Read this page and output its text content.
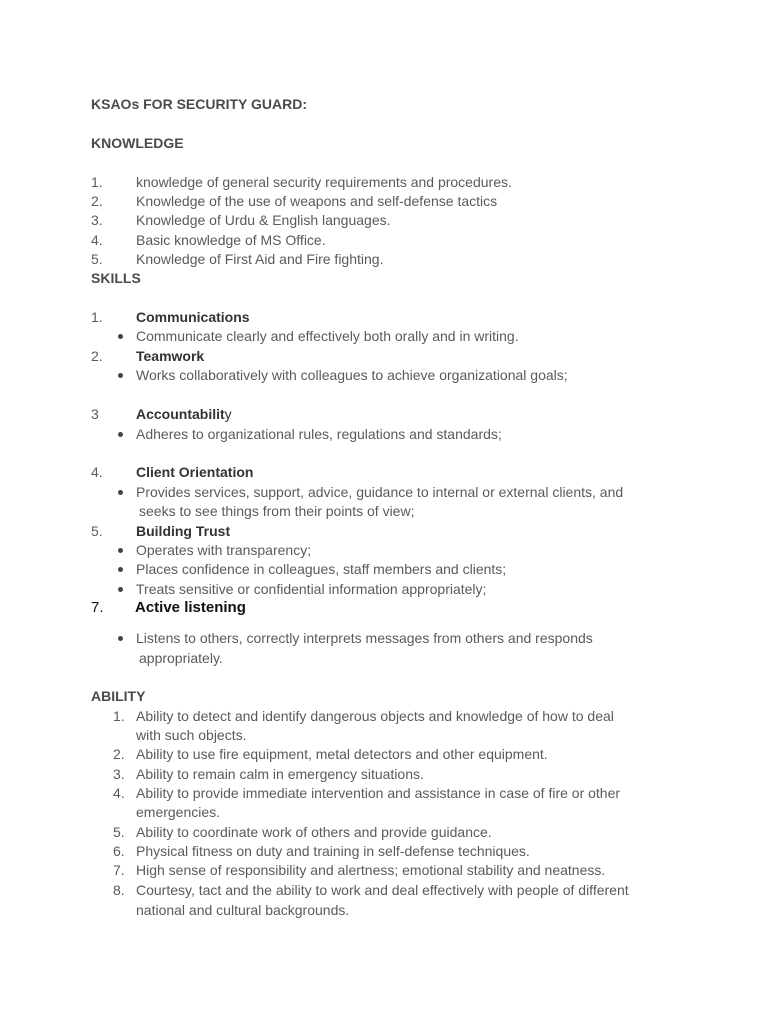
KSAOs FOR SECURITY GUARD:
KNOWLEDGE
1. knowledge of general security requirements and procedures.
2. Knowledge of the use of weapons and self-defense tactics
3. Knowledge of Urdu & English languages.
4. Basic knowledge of MS Office.
5. Knowledge of First Aid and Fire fighting.
SKILLS
1. Communications
Communicate clearly and effectively both orally and in writing.
2. Teamwork
Works collaboratively with colleagues to achieve organizational goals;
3	Accountability
Adheres to organizational rules, regulations and standards;
4. Client Orientation
Provides services, support, advice, guidance to internal or external clients, and
seeks to see things from their points of view;
5. Building Trust
Operates with transparency;
Places confidence in colleagues, staff members and clients;
Treats sensitive or confidential information appropriately;
7. Active listening
Listens to others, correctly interprets messages from others and responds
appropriately.
ABILITY
1. Ability to detect and identify dangerous objects and knowledge of how to deal
with such objects.
2. Ability to use fire equipment, metal detectors and other equipment.
3. Ability to remain calm in emergency situations.
4. Ability to provide immediate intervention and assistance in case of fire or other
emergencies.
5. Ability to coordinate work of others and provide guidance.
6. Physical fitness on duty and training in self-defense techniques.
7. High sense of responsibility and alertness; emotional stability and neatness.
8. Courtesy, tact and the ability to work and deal effectively with people of different
national and cultural backgrounds.
